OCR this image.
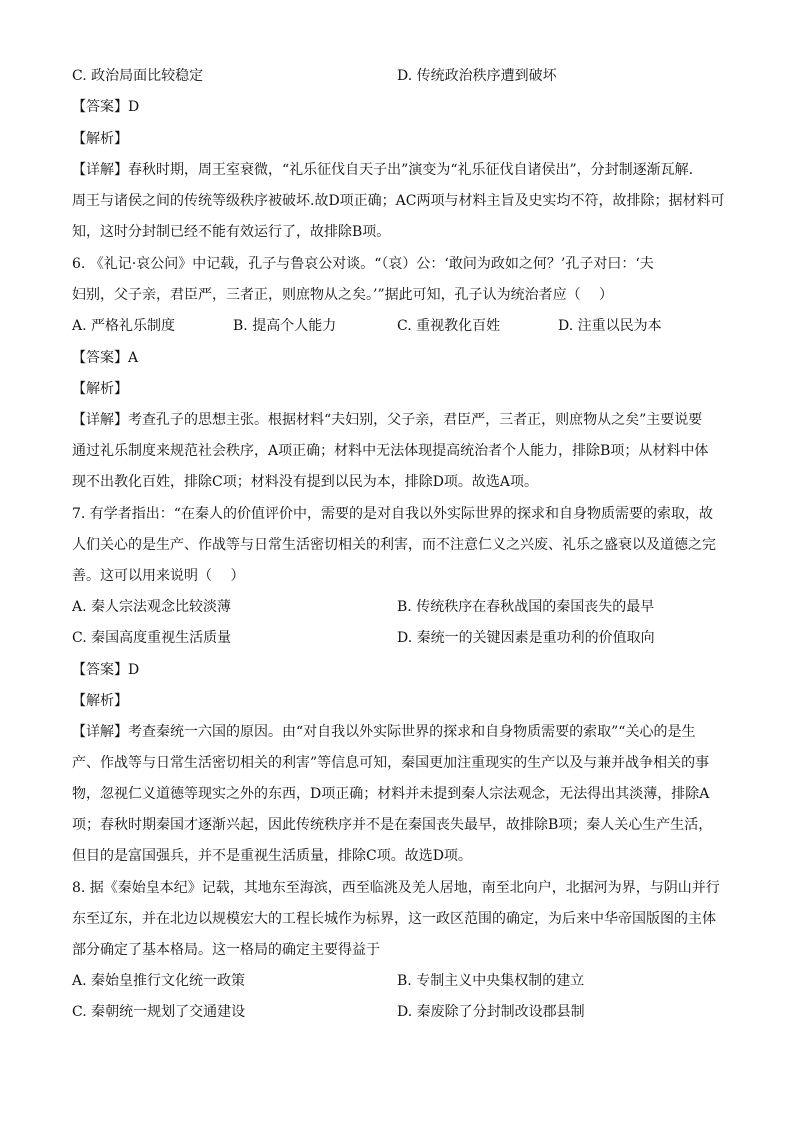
C. 政治局面比较稳定	D. 传统政治秩序遭到破坏
【答案】D
【解析】
【详解】春秋时期，周王室衰微，“礼乐征伐自天子出”演变为“礼乐征伐自诸侯出”，分封制逐渐瓦解.
周王与诸侯之间的传统等级秩序被破坏.故D项正确；AC两项与材料主旨及史实均不符，故排除；据材料可
知，这时分封制已经不能有效运行了，故排除B项。
6. 《礼记·哀公问》中记载，孔子与鲁哀公对谈。“（哀）公：‘敢问为政如之何？’孔子对曰：‘夫
妇别，父子亲，君臣严，三者正，则庶物从之矣。’”据此可知，孔子认为统治者应（　 ）
A. 严格礼乐制度	B. 提高个人能力	C. 重视教化百姓	D. 注重以民为本
【答案】A
【解析】
【详解】考查孔子的思想主张。根据材料“夫妇别，父子亲，君臣严，三者正，则庶物从之矣”主要说要
通过礼乐制度来规范社会秩序，A项正确；材料中无法体现提高统治者个人能力，排除B项；从材料中体
现不出教化百姓，排除C项；材料没有提到以民为本，排除D项。故选A项。
7. 有学者指出：“在秦人的价值评价中，需要的是对自我以外实际世界的探求和自身物质需要的索取，故
人们关心的是生产、作战等与日常生活密切相关的利害，而不注意仁义之兴废、礼乐之盛衰以及道德之完
善。这可以用来说明（　 ）
A. 秦人宗法观念比较淡薄	B. 传统秩序在春秋战国的秦国丧失的最早
C. 秦国高度重视生活质量	D. 秦统一的关键因素是重功利的价值取向
【答案】D
【解析】
【详解】考查秦统一六国的原因。由“对自我以外实际世界的探求和自身物质需要的索取”“关心的是生
产、作战等与日常生活密切相关的利害”等信息可知，秦国更加注重现实的生产以及与兼并战争相关的事
物，忽视仁义道德等现实之外的东西，D项正确；材料并未提到秦人宗法观念，无法得出其淡薄，排除A
项；春秋时期秦国才逐渐兴起，因此传统秩序并不是在秦国丧失最早，故排除B项；秦人关心生产生活，
但目的是富国强兵，并不是重视生活质量，排除C项。故选D项。
8. 据《秦始皇本纪》记载，其地东至海滨，西至临洮及羌人居地，南至北向户，北据河为界，与阴山并行
东至辽东，并在北边以规模宏大的工程长城作为标界，这一政区范围的确定，为后来中华帝国版图的主体
部分确定了基本格局。这一格局的确定主要得益于
A. 秦始皇推行文化统一政策	B. 专制主义中央集权制的建立
C. 秦朝统一规划了交通建设	D. 秦废除了分封制改设郡县制
